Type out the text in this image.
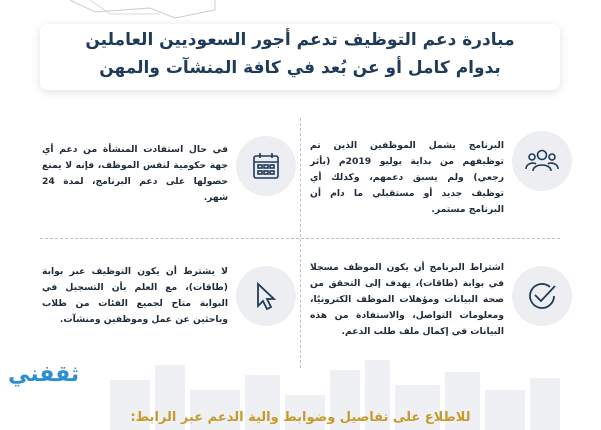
مبادرة دعم التوظيف تدعم أجور السعوديين العاملين
بدوام كامل أو عن بُعد في كافة المنشآت والمهن
البرنامج يشمل الموظفين الذين تم توظيفهم من بداية يوليو 2019م (بأثر رجعي) ولم يسبق دعمهم، وكذلك أي توظيف جديد أو مستقبلي ما دام أن البرنامج مستمر.
في حال استفادت المنشأة من دعم أي جهة حكومية لنفس الموظف، فإنه لا يمنع حصولها على دعم البرنامج، لمدة 24 شهر.
اشتراط البرنامج أن يكون الموظف مسجلا في بوابة (طاقات)، يهدف إلى التحقق من صحة البيانات ومؤهلات الموظف الكترونيًا، ومعلومات التواصل، والاستفادة من هذه البيانات في إكمال ملف طلب الدعم.
لا يشترط أن يكون التوظيف عبر بوابة (طاقات)، مع العلم بأن التسجيل في البوابة متاح لجميع الفئات من طلاب وباحثين عن عمل وموظفين ومنشآت.
ثقفني
للاطلاع على تفاصيل وضوابط والية الدعم عبر الرابط:
